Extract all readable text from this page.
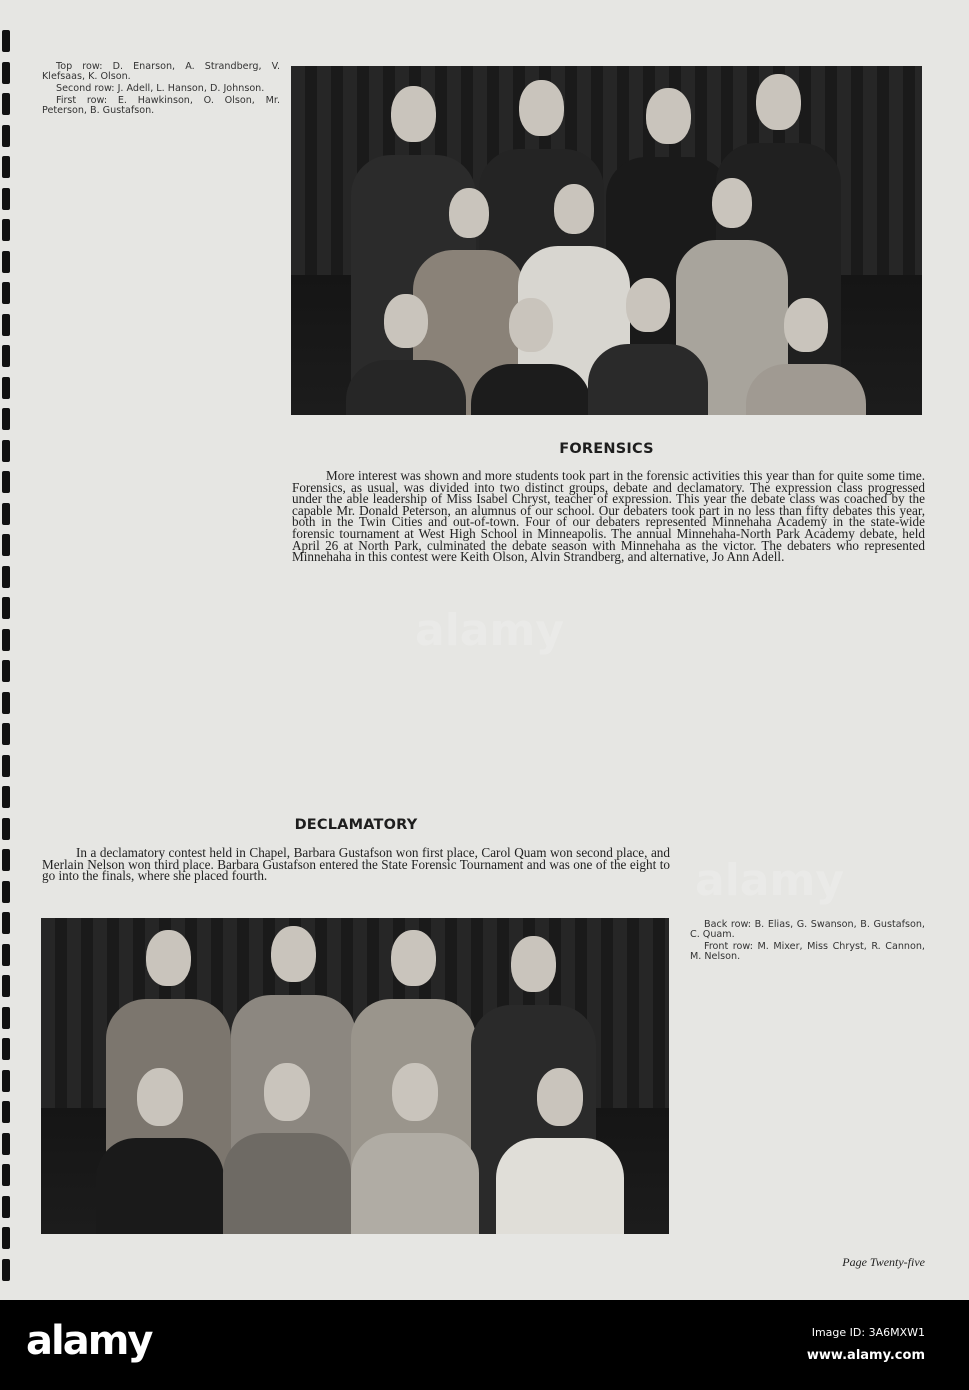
Top row: D. Enarson, A. Strandberg, V. Klefsaas, K. Olson.

Second row: J. Adell, L. Hanson, D. Johnson.

First row: E. Hawkinson, O. Olson, Mr. Peterson, B. Gustafson.

FORENSICS
More interest was shown and more students took part in the forensic activities this year than for quite some time. Forensics, as usual, was divided into two distinct groups, debate and declamatory. The expression class progressed under the able leadership of Miss Isabel Chryst, teacher of expression. This year the debate class was coached by the capable Mr. Donald Peterson, an alumnus of our school. Our debaters took part in no less than fifty debates this year, both in the Twin Cities and out-of-town. Four of our debaters represented Minnehaha Academy in the state-wide forensic tournament at West High School in Minneapolis. The annual Minnehaha-North Park Academy debate, held April 26 at North Park, culminated the debate season with Minnehaha as the victor. The debaters who represented Minnehaha in this contest were Keith Olson, Alvin Strandberg, and alternative, Jo Ann Adell.
alamy
alamy
DECLAMATORY
In a declamatory contest held in Chapel, Barbara Gustafson won first place, Carol Quam won second place, and Merlain Nelson won third place. Barbara Gustafson entered the State Forensic Tournament and was one of the eight to go into the finals, where she placed fourth.

Back row: B. Elias, G. Swanson, B. Gustafson, C. Quam.

Front row: M. Mixer, Miss Chryst, R. Cannon, M. Nelson.

Page Twenty-five
alamy	Image ID: 3A6MXW1
www.alamy.com
